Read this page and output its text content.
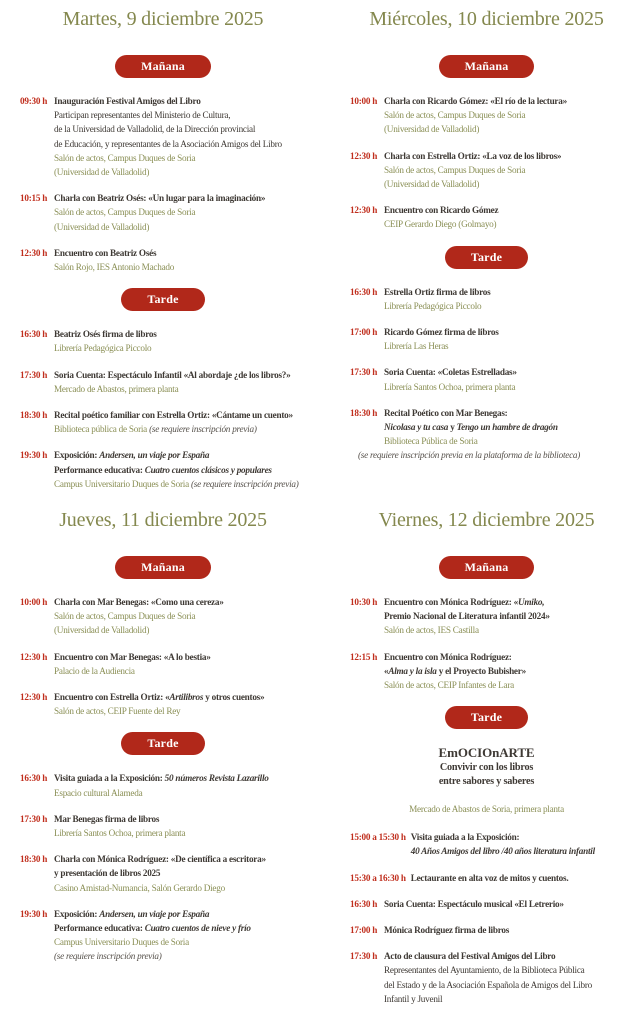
Martes, 9 diciembre 2025
Mañana
09:30 h Inauguración Festival Amigos del Libro
Participan representantes del Ministerio de Cultura,
de la Universidad de Valladolid, de la Dirección provincial
de Educación, y representantes de la Asociación Amigos del Libro
Salón de actos, Campus Duques de Soria
(Universidad de Valladolid)
10:15 h Charla con Beatriz Osés: «Un lugar para la imaginación»
Salón de actos, Campus Duques de Soria
(Universidad de Valladolid)
12:30 h Encuentro con Beatriz Osés
Salón Rojo, IES Antonio Machado
Tarde
16:30 h Beatriz Osés firma de libros
Librería Pedagógica Piccolo
17:30 h Soria Cuenta: Espectáculo Infantil «Al abordaje ¿de los libros?»
Mercado de Abastos, primera planta
18:30 h Recital poético familiar con Estrella Ortiz: «Cántame un cuento»
Biblioteca pública de Soria (se requiere inscripción previa)
19:30 h Exposición: Andersen, un viaje por España
Performance educativa: Cuatro cuentos clásicos y populares
Campus Universitario Duques de Soria (se requiere inscripción previa)
Miércoles, 10 diciembre 2025
Mañana
10:00 h Charla con Ricardo Gómez: «El río de la lectura»
Salón de actos, Campus Duques de Soria
(Universidad de Valladolid)
12:30 h Charla con Estrella Ortiz: «La voz de los libros»
Salón de actos, Campus Duques de Soria
(Universidad de Valladolid)
12:30 h Encuentro con Ricardo Gómez
CEIP Gerardo Diego (Golmayo)
Tarde
16:30 h Estrella Ortiz firma de libros
Librería Pedagógica Piccolo
17:00 h Ricardo Gómez firma de libros
Librería Las Heras
17:30 h Soria Cuenta: «Coletas Estrelladas»
Librería Santos Ochoa, primera planta
18:30 h Recital Poético con Mar Benegas:
Nicolasa y tu casa y Tengo un hambre de dragón
Biblioteca Pública de Soria
(se requiere inscripción previa en la plataforma de la biblioteca)
Jueves, 11 diciembre 2025
Mañana
10:00 h Charla con Mar Benegas: «Como una cereza»
Salón de actos, Campus Duques de Soria
(Universidad de Valladolid)
12:30 h Encuentro con Mar Benegas: «A lo bestia»
Palacio de la Audiencia
12:30 h Encuentro con Estrella Ortiz: «Artilibros y otros cuentos»
Salón de actos, CEIP Fuente del Rey
Tarde
16:30 h Visita guiada a la Exposición: 50 números Revista Lazarillo
Espacio cultural Alameda
17:30 h Mar Benegas firma de libros
Librería Santos Ochoa, primera planta
18:30 h Charla con Mónica Rodríguez: «De científica a escritora»
y presentación de libros 2025
Casino Amistad-Numancia, Salón Gerardo Diego
19:30 h Exposición: Andersen, un viaje por España
Performance educativa: Cuatro cuentos de nieve y frío
Campus Universitario Duques de Soria
(se requiere inscripción previa)
Viernes, 12 diciembre 2025
Mañana
10:30 h Encuentro con Mónica Rodríguez: «Umiko,
Premio Nacional de Literatura infantil 2024»
Salón de actos, IES Castilla
12:15 h Encuentro con Mónica Rodríguez:
«Alma y la isla y el Proyecto Bubisher»
Salón de actos, CEIP Infantes de Lara
Tarde
EmOCIOnARTE
Convivir con los libros
entre sabores y saberes
Mercado de Abastos de Soria, primera planta
15:00 a 15:30 h Visita guiada a la Exposición:
40 Años Amigos del libro /40 años literatura infantil
15:30 a 16:30 h Lectaurante en alta voz de mitos y cuentos.
16:30 h Soria Cuenta: Espectáculo musical «El Letrerio»
17:00 h Mónica Rodríguez firma de libros
17:30 h Acto de clausura del Festival Amigos del Libro
Representantes del Ayuntamiento, de la Biblioteca Pública
del Estado y de la Asociación Española de Amigos del Libro
Infantil y Juvenil
